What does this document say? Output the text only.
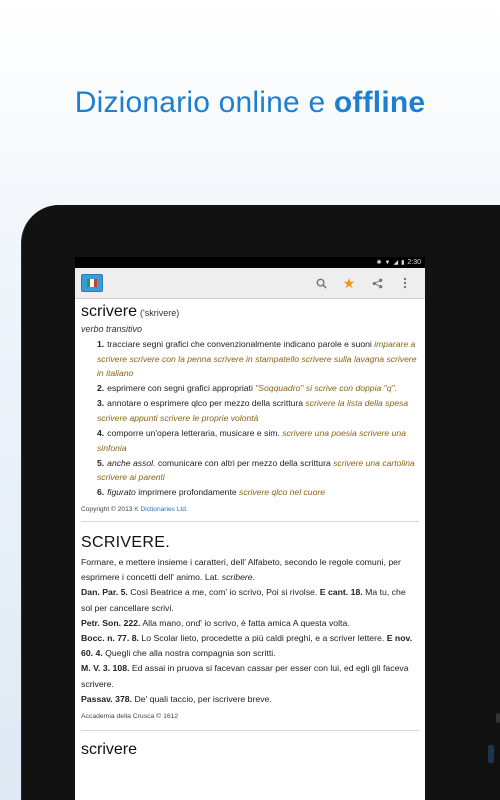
Dizionario online e offline
✱ ▼ ◢ ▮ 2:30
★
scrivere ('skrivere)
verbo transitivo
1. tracciare segni grafici che convenzionalmente indicano parole e suoni imparare a scrivere scrivere con la penna scrivere in stampatello scrivere sulla lavagna scrivere in italiano
2. esprimere con segni grafici appropriati "Soqquadro" si scrive con doppia "q".
3. annotare o esprimere qlco per mezzo della scrittura scrivere la lista della spesa scrivere appunti scrivere le proprie volontà
4. comporre un'opera letteraria, musicare e sim. scrivere una poesia scrivere una sinfonia
5. anche assol. comunicare con altri per mezzo della scrittura scrivere una cartolina scrivere ai parenti
6. figurato imprimere profondamente scrivere qlco nel cuore
Copyright © 2013 K Dictionaries Ltd.
SCRIVERE.
Formare, e mettere insieme i caratteri, dell' Alfabeto, secondo le regole comuni, per esprimere i concetti dell' animo. Lat. scribere.
Dan. Par. 5. Così Beatrice a me, com' io scrivo, Poi si rivolse. E cant. 18. Ma tu, che sol per cancellare scrivi.
Petr. Son. 222. Alla mano, ond' io scrivo, è fatta amica A questa volta.
Bocc. n. 77. 8. Lo Scolar lieto, procedette a più caldi preghi, e a scriver lettere. E nov. 60. 4. Quegli che alla nostra compagnia son scritti.
M. V. 3. 108. Ed assai in pruova si facevan cassar per esser con lui, ed egli gli faceva scrivere.
Passav. 378. De' quali taccio, per iscrivere breve.
Accademia della Crusca © 1612
scrivere
